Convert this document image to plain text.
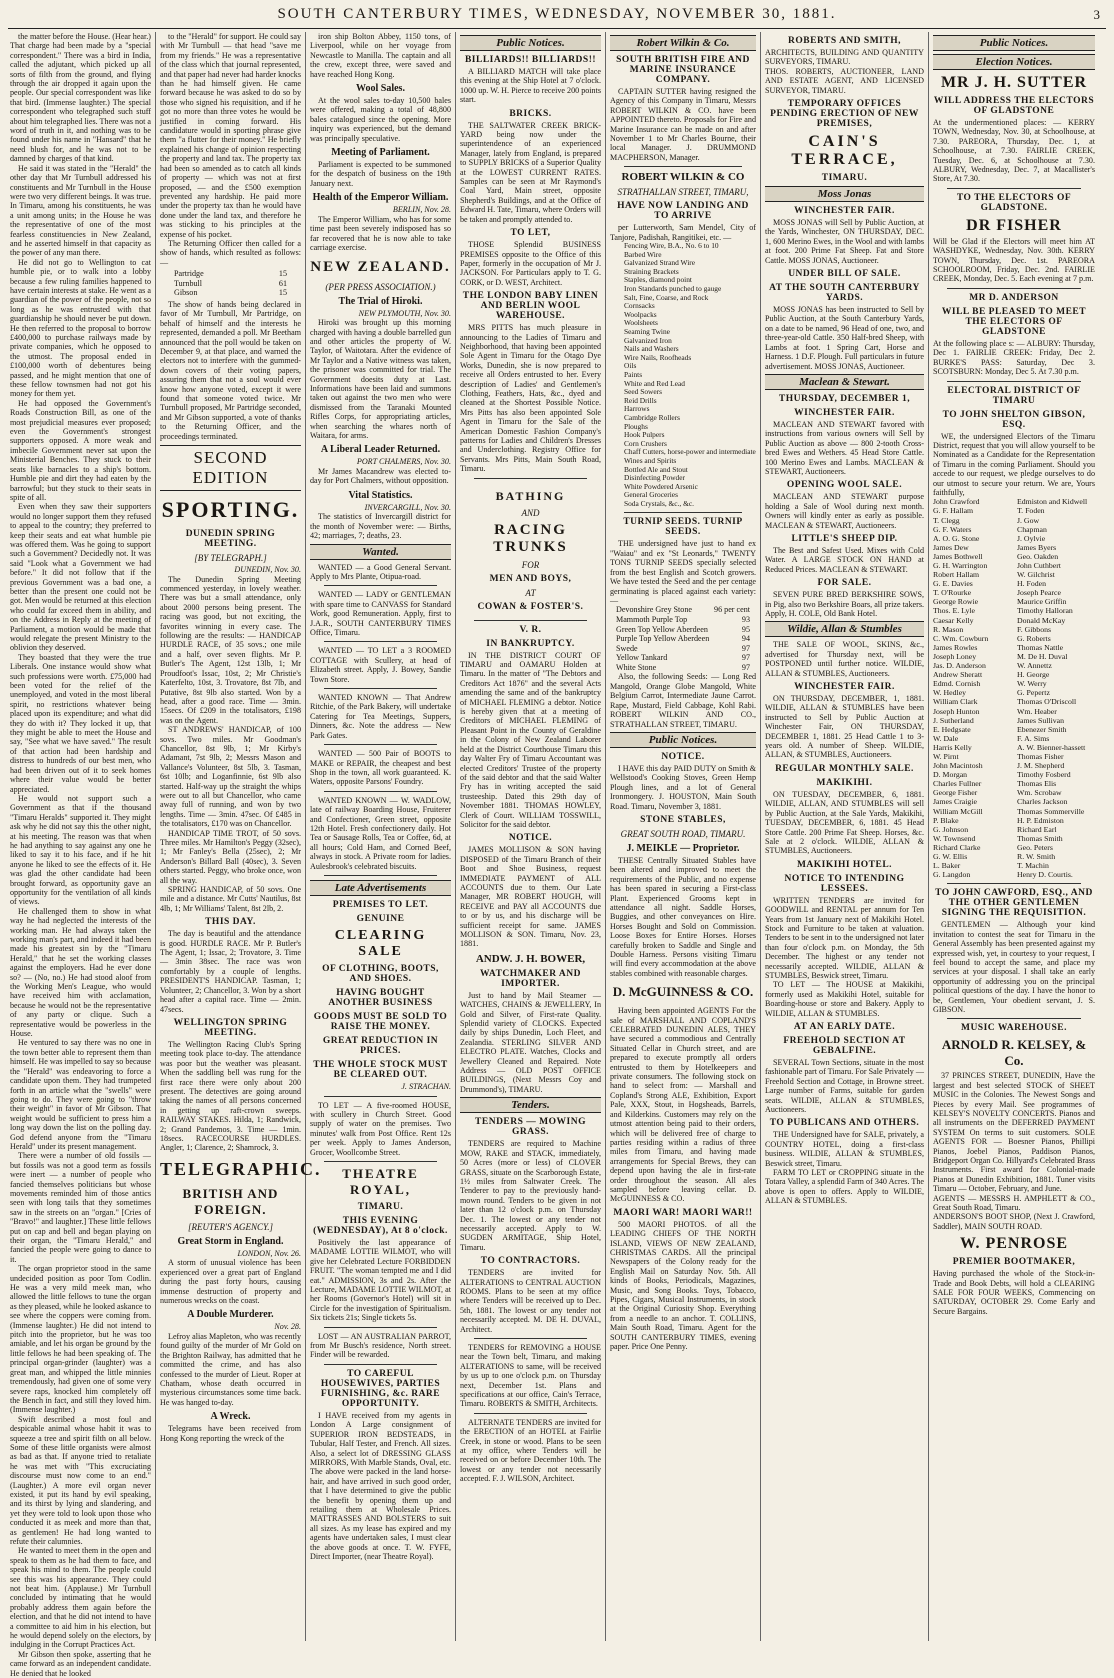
SOUTH CANTERBURY TIMES, WEDNESDAY, NOVEMBER 30, 1881.	3

the matter before the House. (Hear hear.) That charge had been made by a "special correspondent." There was a bird in India, called the adjutant, which picked up all sorts of filth from the ground, and flying through the air dropped it again upon the people. Our special correspondent was like that bird. (Immense laughter.) The special correspondent who telegraphed such stuff about him telegraphed lies. There was not a word of truth in it, and nothing was to be found under his name in "Hansard" that he need blush for, and he was not to be damned by charges of that kind.

He said it was stated in the "Herald" the other day that Mr Turnbull addressed his constituents and Mr Turnbull in the House were two very different beings. It was true. In Timaru, among his constituents, he was a unit among units; in the House he was the representative of one of the most fearless constituencies in New Zealand, and he asserted himself in that capacity as the power of any man there.

He did not go to Wellington to cat humble pie, or to walk into a lobby because a few ruling families happened to have certain interests at stake. He went as a guardian of the power of the people, not so long as he was entrusted with that guardianship he should never be put down. He then referred to the proposal to borrow £400,000 to purchase railways made by private companies, which he opposed to the utmost. The proposal ended in £100,000 worth of debentures being passed, and he might mention that one of these fellow townsmen had not got his money for them yet.

He had opposed the Government's Roads Construction Bill, as one of the most prejudicial measures ever proposed; even the Government's strongest supporters opposed. A more weak and imbecile Government never sat upon the Ministerial Benches. They stuck to their seats like barnacles to a ship's bottom. Humble pie and dirt they had eaten by the barrowful; but they stuck to their seats in spite of all.

Even when they saw their supporters would no longer support them they refused to appeal to the country; they preferred to keep their seats and eat what humble pie was offered them. Was he going to support such a Government? Decidedly not. It was said "Look what a Government we had before." It did not follow that if the previous Government was a bad one, a better than the present one could not be got. Men would be returned at this election who could far exceed them in ability, and on the Address in Reply at the meeting of Parliament, a motion would be made that would relegate the present Ministry to the oblivion they deserved.

They boasted that they were the true Liberals. One instance would show what such professions were worth. £75,000 had been voted for the relief of the unemployed, and voted in the most liberal spirit, no restrictions whatever being placed upon its expenditure; and what did they do with it? They locked it up, that they might be able to meet the House and say, "See what we have saved." The result of that action had been hardship and distress to hundreds of our best men, who had been driven out of it to seek homes where their value would be better appreciated.

He would not support such a Government as that if the thousand "Timaru Heralds" supported it. They might ask why he did not say this the other night, at his meeting. The reason was that when he had anything to say against any one he liked to say it to his face, and if he hit anyone he liked to see the effects of it. He was glad the other candidate had been brought forward, as opportunity gave an opportunity for the ventilation of all kinds of views.

He challenged them to show in what way he had neglected the interests of the working man. He had always taken the working man's part, and indeed it had been made his greatest sin by the "Timaru Herald," that he set the working classes against the employers. Had he ever done so? — (No, no.) He had stood aloof from the Working Men's League, who would have received him with acclamation, because he would not be the representative of any party or clique. Such a representative would be powerless in the House.

He ventured to say there was no one in the town better able to represent them than himself. He was impelled to say so because the "Herald" was endeavoring to force a candidate upon them. They had trumpeted forth in an article what the "swells" were going to do. They were going to "throw their weight" in favor of Mr Gibson. That weight would be sufficient to press him a long way down the list on the polling day. God defend anyone from the "Timaru Herald" under its present management.

There were a number of old fossils — but fossils was not a good term as fossils were inert — a number of people who fancied themselves politicians but whose movements reminded him of those antics seen with long tails that they sometimes saw in the streets on an "organ." [Cries of "Bravo!" and laughter.] These little fellows put on cap and bell and began playing on their organ, the "Timaru Herald," and fancied the people were going to dance to it.

The organ proprietor stood in the same undecided position as poor Tom Codlin. He was a very mild meek man, who allowed the little fellows to tune the organ as they pleased, while he looked askance to see where the coppers were coming from. (Immense laughter.) He did not intend to pitch into the proprietor, but he was too amiable, and let his organ be ground by the little fellows he had been speaking of. The principal organ-grinder (laughter) was a great man, and whipped the little minnies tremendously, had given one of some very severe raps, knocked him completely off the Bench in fact, and still they loved him. (Immense laughter.)

Swift described a most foul and despicable animal whose habit it was to squeeze a tree and spirit filth on all below. Some of these little organists were almost as bad as that. If anyone tried to retaliate he was met with "This excruciating discourse must now come to an end." (Laughter.) A more evil organ never existed, it put its hand by evil speaking, and its thirst by lying and slandering, and yet they were told to look upon those who conducted it as meek and more than that, as gentlemen! He had long wanted to refute their calumnies.

He wanted to meet them in the open and speak to them as he had them to face, and speak his mind to them. The people could see this was his appearance. They could not beat him. (Applause.) Mr Turnbull concluded by intimating that he would probably address them again before the election, and that he did not intend to have a committee to aid him in his election, but he would depend solely on the electors, by indulging in the Corrupt Practices Act.

Mr Gibson then spoke, asserting that he came forward as an independent candidate. He denied that he looked

to the "Herald" for support. He could say with Mr Turnbull — that head "save me from my friends." He was a representative of the class which that journal represented, and that paper had never had harder knocks than he had himself given. He came forward because he was asked to do so by those who signed his requisition, and if he got no more than three votes he would be justified in coming forward. His candidature would in sporting phrase give them "a flutter for their money." He briefly explained his change of opinion respecting the property and land tax. The property tax had been so amended as to catch all kinds of property — which was not at first proposed, — and the £500 exemption prevented any hardship. He paid more under the property tax than he would have done under the land tax, and therefore he was sticking to his principles at the expense of his pocket.

The Returning Officer then called for a show of hands, which resulted as follows: —

Partridge	15
Turnbull	61
Gibson	15

The show of hands being declared in favor of Mr Turnbull, Mr Partridge, on behalf of himself and the interests he represented, demanded a poll. Mr Beetham announced that the poll would be taken on December 9, at that place, and warned the electors not to interfere with the gummed-down covers of their voting papers, assuring them that not a soul would ever know how anyone voted, except it were found that someone voted twice. Mr Turnbull proposed, Mr Partridge seconded, and Mr Gibson supported, a vote of thanks to the Returning Officer, and the proceedings terminated.

SECOND EDITION
SPORTING.
DUNEDIN SPRING MEETING.
[BY TELEGRAPH.]
DUNEDIN, Nov. 30.

The Dunedin Spring Meeting commenced yesterday, in lovely weather. There was but a small attendance, only about 2000 persons being present. The racing was good, but not exciting, the favorites winning in every case. The following are the results: — HANDICAP HURDLE RACE, of 35 sovs.; one mile and a half, over seven flights. Mr P. Butler's The Agent, 12st 13lb, 1; Mr Proudfoot's Issac, 10st, 2; Mr Christie's Katerfelto, 10st, 3. Trovatore, 8st 7lb, and Putative, 8st 9lb also started. Won by a head, after a good race. Time — 3min. 15secs. Of £209 in the totalisators, £198 was on the Agent.

ST ANDREWS' HANDICAP, of 100 sovs. Two miles. Mr Goodman's Chancellor, 8st 9lb, 1; Mr Kirby's Adamant, 7st 9lb, 2; Messrs Mason and Vallance's Volunteer, 8st 5lb, 3. Tasman, 6st 10lb; and Loganfinnie, 6st 9lb also started. Half-way up the straight the whips were out to all but Chancellor, who came away full of running, and won by two lengths. Time — 3min. 47sec. Of £485 in the totalisators, £170 was on Chancellor.

HANDICAP TIME TROT, of 50 sovs. Three miles. Mr Hamilton's Peggy (32sec), 1; Mr Fanley's Bella (25sec), 2; Mr Anderson's Billard Ball (40sec), 3. Seven others started. Peggy, who broke once, won all the way.

SPRING HANDICAP, of 50 sovs. One mile and a distance. Mr Cutts' Nautilus, 8st 4lb, 1; Mr Williams' Talent, 8st 2lb, 2.

THIS DAY.

The day is beautiful and the attendance is good. HURDLE RACE. Mr P. Butler's The Agent, 1; Issac, 2; Trovatore, 3. Time — 3min 38sec. The race was won comfortably by a couple of lengths. PRESIDENT'S HANDICAP. Tasman, 1; Volunteer, 2; Chancellor, 3. Won by a short head after a capital race. Time — 2min. 47secs.

WELLINGTON SPRING MEETING.

The Wellington Racing Club's Spring meeting took place to-day. The attendance was poor but the weather was pleasant. When the saddling bell was rung for the first race there were only about 200 present. The detectives are going around taking the names of all persons concerned in getting up raft-crown sweeps. RAILWAY STAKES. Hilda, 1; Randwick, 2; Grand Pandemos, 3. Time — 1min. 18secs. RACECOURSE HURDLES. Angler, 1; Clarence, 2; Shamrock, 3.

TELEGRAPHIC.
BRITISH AND FOREIGN.
[REUTER'S AGENCY.]
Great Storm in England.
LONDON, Nov. 26.

A storm of unusual violence has been experienced over a great part of England during the past forty hours, causing immense destruction of property and numerous wrecks on the coast.

A Double Murderer.
Nov. 28.

Lefroy alias Mapleton, who was recently found guilty of the murder of Mr Gold on the Brighton Railway, has admitted that he committed the crime, and has also confessed to the murder of Lieut. Roper at Chatham, whose death occurred in mysterious circumstances some time back. He was hanged to-day.

A Wreck.

Telegrams have been received from Hong Kong reporting the wreck of the

iron ship Bolton Abbey, 1150 tons, of Liverpool, while on her voyage from Newcastle to Manilla. The captain and all the crew, except three, were saved and have reached Hong Kong.

Wool Sales.

At the wool sales to-day 10,500 bales were offered, making a total of 48,800 bales catalogued since the opening. More inquiry was experienced, but the demand was principally speculative.

Meeting of Parliament.

Parliament is expected to be summoned for the despatch of business on the 19th January next.

Health of the Emperor William.
BERLIN, Nov. 28.

The Emperor William, who has for some time past been severely indisposed has so far recovered that he is now able to take carriage exercise.

NEW ZEALAND.
(PER PRESS ASSOCIATION.)
The Trial of Hiroki.
NEW PLYMOUTH, Nov. 30.

Hiroki was brought up this morning charged with having a double barrelled gun and other articles the property of W. Taylor, of Waitotara. After the evidence of Mr Taylor and a Native witness was taken, the prisoner was committed for trial. The Government doesits duty at Last. Informations have been laid and summons taken out against the two men who were dismissed from the Taranaki Mounted Rifles Corps, for appropriating articles, when searching the whares north of Waitara, for arms.

A Liberal Leader Returned.
PORT CHALMERS, Nov. 30.

Mr James Macandrew was elected to-day for Port Chalmers, without opposition.

Vital Statistics.
INVERCARGILL, Nov. 30.

The statistics of Invercargill district for the month of November were: — Births, 42; marriages, 7; deaths, 23.

Wanted.

WANTED — a Good General Servant. Apply to Mrs Plante, Otipua-road.

WANTED — LADY or GENTLEMAN with spare time to CANVASS for Standard Work, good Remuneration. Apply, first to J.A.R., SOUTH CANTERBURY TIMES Office, Timaru.

WANTED — TO LET a 3 ROOMED COTTAGE with Scullery, at head of Elizabeth street. Apply, J. Bowey, Sandie Town Store.

WANTED KNOWN — That Andrew Ritchie, of the Park Bakery, will undertake Catering for Tea Meetings, Suppers, Dinners, &c. Note the address — New Park Gates.

WANTED — 500 Pair of BOOTS to MAKE or REPAIR, the cheapest and best Shop in the town, all work guaranteed. K. Waters, opposite Parsons' Foundry.

WANTED KNOWN — W. WADLOW, late of railway Boarding House, Fruiterer and Confectioner, Green street, opposite 12th Hotel. Fresh confectionery daily. Hot Tea or Sausage Rolls, Tea or Coffee, 6d, at all hours; Cold Ham, and Corned Beef, always in stock. A Private room for ladies. Aulesbrook's celebrated biscuits.

Late Advertisements
PREMISES TO LET.
GENUINE
CLEARING SALE
OF CLOTHING, BOOTS, AND SHOES.
HAVING BOUGHT ANOTHER BUSINESS
GOODS MUST BE SOLD TO RAISE THE MONEY.
GREAT REDUCTION IN PRICES.
THE WHOLE STOCK MUST BE CLEARED OUT.
J. STRACHAN.

TO LET — A five-roomed HOUSE, with scullery in Church Street. Good supply of water on the premises. Two minutes' walk from Post Office. Rent 12s per week. Apply to James Anderson, Grocer, Woollcombe Street.

THEATRE ROYAL,
TIMARU.
THIS EVENING (WEDNESDAY), At 8 o'clock.

Positively the last appearance of MADAME LOTTIE WILMOT, who will give her Celebrated Lecture FORBIDDEN FRUIT. "The woman tempted me and I did eat." ADMISSION, 3s and 2s. After the Lecture, MADAME LOTTIE WILMOT, at her Rooms (Governor's Hotel) will sit in Circle for the investigation of Spiritualism. Six tickets 21s; Single tickets 5s.

LOST — AN AUSTRALIAN PARROT, from Mr Busch's residence, North street. Finder will be rewarded.

TO CAREFUL HOUSEWIVES, PARTIES FURNISHING, &c. RARE OPPORTUNITY.

I HAVE received from my agents in London A Large consignment of SUPERIOR IRON BEDSTEADS, in Tubular, Half Tester, and French. All sizes. Also, a select lot of DRESSING GLASS MIRRORS, With Marble Stands, Oval, etc. The above were packed in the land horse-hair, and have arrived in such good order, that I have determined to give the public the benefit by opening them up and retailing them at Wholesale Prices. MATTRASSES AND BOLSTERS to suit all sizes. As my lease has expired and my agents have undertaken sales, I must clear the above goods at once. T. W. FYFE, Direct Importer, (near Theatre Royal).

Public Notices.
BILLIARDS!! BILLIARDS!!

A BILLIARD MATCH will take place this evening at the Ship Hotel at 7 o'clock. 1000 up. W. H. Pierce to receive 200 points start.

BRICKS.

THE SALTWATER CREEK BRICK-YARD being now under the superintendence of an experienced Manager, lately from England, is prepared to SUPPLY BRICKS of a Superior Quality at the LOWEST CURRENT RATES. Samples can be seen at Mr Raymond's Coal Yard, Main street, opposite Shepherd's Buildings, and at the Office of Edward H. Tate, Timaru, where Orders will be taken and promptly attended to.

TO LET,

THOSE Splendid BUSINESS PREMISES opposite to the Office of this Paper, formerly in the occupation of Mr J. JACKSON. For Particulars apply to T. G. CORK, or D. WEST, Architect.

THE LONDON BABY LINEN AND BERLIN WOOL WAREHOUSE.

MRS PITTS has much pleasure in announcing to the Ladies of Timaru and Neighborhood, that having been appointed Sole Agent in Timaru for the Otago Dye Works, Dunedin, she is now prepared to receive all Orders entrusted to her. Every description of Ladies' and Gentlemen's Clothing, Feathers, Hats, &c., dyed and cleaned at the Shortest Possible Notice. Mrs Pitts has also been appointed Sole Agent in Timaru for the Sale of the American Domestic Fashion Company's patterns for Ladies and Children's Dresses and Underclothing. Registry Office for Servants. Mrs Pitts, Main South Road, Timaru.

BATHING
AND
RACING TRUNKS
FOR
MEN AND BOYS,
AT
COWAN & FOSTER'S.
V. R.
IN BANKRUPTCY.

IN THE DISTRICT COURT OF TIMARU and OAMARU Holden at Timaru. In the matter of "The Debtors and Creditors Act 1876" and the several Acts amending the same and of the bankruptcy of MICHAEL FLEMING a debtor. Notice is hereby given that at a meeting of Creditors of MICHAEL FLEMING of Pleasant Point in the County of Geraldine in the Colony of New Zealand Laborer held at the District Courthouse Timaru this day Walter Fry of Timaru Accountant was elected Creditors' Trustee of the property of the said debtor and that the said Walter Fry has in writing accepted the said trusteeship. Dated this 29th day of November 1881. THOMAS HOWLEY, Clerk of Court. WILLIAM TOSSWILL, Solicitor for the said debtor.

NOTICE.

JAMES MOLLISON & SON having DISPOSED of the Timaru Branch of their Boot and Shoe Business, request IMMEDIATE PAYMENT of ALL ACCOUNTS due to them. Our Late Manager, MR ROBERT HOUGH, will RECEIVE and PAY all ACCOUNTS due to or by us, and his discharge will be sufficient receipt for same. JAMES MOLLISON & SON. Timaru, Nov. 23, 1881.

ANDW. J. H. BOWER,
WATCHMAKER AND IMPORTER.

Just to hand by Mail Steamer — WATCHES, CHAINS & JEWELLERY, In Gold and Silver, of First-rate Quality. Splendid variety of CLOCKS. Expected daily by ships Dunedin, Loch Fleet, and Zealandia. STERLING SILVER AND ELECTRO PLATE. Watches, Clocks and Jewellery Cleaned and Repaired. Note Address — OLD POST OFFICE BUILDINGS, (Next Messrs Coy and Drummond's), TIMARU.

Tenders.
TENDERS — MOWING GRASS.

TENDERS are required to Machine MOW, RAKE and STACK, immediately, 50 Acres (more or less) of CLOVER GRASS, situate on the Scarborough Estate, 1½ miles from Saltwater Creek. The Tenderer to pay to the previously hand-mown round. Tenders to be given in not later than 12 o'clock p.m. on Thursday Dec. 1. The lowest or any tender not necessarily accepted. Apply to W. SUGDEN ARMITAGE, Ship Hotel, Timaru.

TO CONTRACTORS.

TENDERS are invited for ALTERATIONS to CENTRAL AUCTION ROOMS. Plans to be seen at my office where Tenders will be received up to Dec. 5th, 1881. The lowest or any tender not necessarily accepted. M. DE H. DUVAL, Architect.

TENDERS for REMOVING a HOUSE near the Town belt, Timaru, and making ALTERATIONS to same, will be received by us up to one o'clock p.m. on Thursday next, December 1st. Plans and specifications at our office, Cain's Terrace, Timaru. ROBERTS & SMITH, Architects.

ALTERNATE TENDERS are invited for the ERECTION of an HOTEL at Fairlie Creek, in stone or wood. Plans to be seen at my office, where Tenders will be received on or before December 10th. The lowest or any tender not necessarily accepted. F. J. WILSON, Architect.

Robert Wilkin & Co.
SOUTH BRITISH FIRE AND MARINE INSURANCE COMPANY.

CAPTAIN SUTTER having resigned the Agency of this Company in Timaru, Messrs ROBERT WILKIN & CO. have been APPOINTED thereto. Proposals for Fire and Marine Insurance can be made on and after November 1 to Mr Charles Bourne, their local Manager. J. DRUMMOND MACPHERSON, Manager.

ROBERT WILKIN & CO
STRATHALLAN STREET, TIMARU,
HAVE NOW LANDING AND TO ARRIVE

per Lutterworth, Sam Mendel, City of Tanjore, Padishah, Rangitikei, etc. —

Fencing Wire, B.A., No. 6 to 10
Barbed Wire
Galvanized Strand Wire
Straining Brackets
Staples, diamond point
Iron Standards punched to gauge
Salt, Fine, Coarse, and Rock
Cornsacks
Woolpacks
Woolsheets
Seaming Twine
Galvanized Iron
Nails and Washers
Wire Nails, Roofheads
Oils
Paints
White and Red Lead
Seed Sowers
Reid Drills
Harrows
Cambridge Rollers
Ploughs
Hook Pulpers
Corn Crushers
Chaff Cutters, horse-power and intermediate
Wines and Spirits
Bottled Ale and Stout
Disinfecting Powder
White Powdered Arsenic
General Groceries
Soda Crystals, &c., &c.
TURNIP SEEDS. TURNIP SEEDS.

THE undersigned have just to hand ex "Waiau" and ex "St Leonards," TWENTY TONS TURNIP SEEDS specially selected from the best English and Scotch growers. We have tested the Seed and the per centage germinating is placed against each variety: —

Devonshire Grey Stone	96 per cent
Mammoth Purple Top	93
Green Top Yellow Aberdeen	95
Purple Top Yellow Aberdeen	94
Swede	97
Yellow Tankard	97
White Stone	97

Also, the following Seeds: — Long Red Mangold, Orange Globe Mangold, White Belgium Carrot, Intermediate Jaune Carrot. Rape, Mustard, Field Cabbage, Kohl Rabi. ROBERT WILKIN AND CO., STRATHALLAN STREET, TIMARU.

Public Notices.
NOTICE.

I HAVE this day PAID DUTY on Smith & Wellstood's Cooking Stoves, Green Hemp Plough lines, and a lot of General Ironmongery. J. HOUSTON, Main South Road. Timaru, November 3, 1881.

STONE STABLES,
GREAT SOUTH ROAD, TIMARU.
J. MEIKLE — Proprietor.

THESE Centrally Situated Stables have been altered and improved to meet the requirements of the Public, and no expense has been spared in securing a First-class Plant. Experienced Grooms kept in attendance all night. Saddle Horses, Buggies, and other conveyances on Hire. Horses Bought and Sold on Commission. Loose Boxes for Entire Horses. Horses carefully broken to Saddle and Single and Double Harness. Persons visiting Timaru will find every accommodation at the above stables combined with reasonable charges.

D. McGUINNESS & CO.

Having been appointed AGENTS For the sale of MARSHALL AND COPLAND'S CELEBRATED DUNEDIN ALES, THEY have secured a commodious and Centrally Situated Cellar in Church street, and are prepared to execute promptly all orders entrusted to them by Hotelkeepers and private consumers. The following stock on hand to select from: — Marshall and Copland's Strong ALE, Exhibition, Export Pale, XXX, Stout, in Hogsheads, Barrels, and Kilderkins. Customers may rely on the utmost attention being paid to their orders, which will be delivered free of charge to parties residing within a radius of three miles from Timaru, and having made arrangements for Special Brews, they can depend upon having the ale in first-rate order throughout the season. All ales sampled before leaving cellar. D. McGUINNESS & CO.

MAORI WAR! MAORI WAR!!

500 MAORI PHOTOS. of all the LEADING CHIEFS OF THE NORTH ISLAND, VIEWS OF NEW ZEALAND, CHRISTMAS CARDS. All the principal Newspapers of the Colony ready for the English Mail on Saturday Nov. 5th. All kinds of Books, Periodicals, Magazines, Music, and Song Books. Toys, Tobacco, Pipes, Cigars, Musical Instruments, in stock at the Original Curiosity Shop. Everything from a needle to an anchor. T. COLLINS, Main South Road, Timaru. Agent for the SOUTH CANTERBURY TIMES, evening paper. Price One Penny.

ROBERTS AND SMITH,

ARCHITECTS, BUILDING AND QUANTITY SURVEYORS, TIMARU.

THOS. ROBERTS, AUCTIONEER, LAND AND ESTATE AGENT, AND LICENSED SURVEYOR, TIMARU.

TEMPORARY OFFICES PENDING ERECTION OF NEW PREMISES,
CAIN'S TERRACE,
TIMARU.
Moss Jonas
WINCHESTER FAIR.

MOSS JONAS will Sell by Public Auction, at the Yards, Winchester, ON THURSDAY, DEC. 1, 600 Merino Ewes, in the Wool and with lambs at foot. 200 Prime Fat Sheep. Fat and Store Cattle. MOSS JONAS, Auctioneer.

UNDER BILL OF SALE.
AT THE SOUTH CANTERBURY YARDS.

MOSS JONAS has been instructed to Sell by Public Auction, at the South Canterbury Yards, on a date to be named, 96 Head of one, two, and three-year-old Cattle. 350 Half-bred Sheep, with Lambs at foot. 1 Spring Cart, Horse and Harness. 1 D.F. Plough. Full particulars in future advertisement. MOSS JONAS, Auctioneer.

Maclean & Stewart.
THURSDAY, DECEMBER 1,
WINCHESTER FAIR.

MACLEAN AND STEWART favored with instructions from various owners will Sell by Public Auction as above — 800 2-tooth Cross-bred Ewes and Wethers. 45 Head Store Cattle. 100 Merino Ewes and Lambs. MACLEAN & STEWART, Auctioneers.

OPENING WOOL SALE.

MACLEAN AND STEWART purpose holding a Sale of Wool during next month. Owners will kindly enter as early as possible. MACLEAN & STEWART, Auctioneers.

LITTLE'S SHEEP DIP.

The Best and Safest Used. Mixes with Cold Water. A LARGE STOCK ON HAND at Reduced Prices. MACLEAN & STEWART.

FOR SALE.

SEVEN PURE BRED BERKSHIRE SOWS, in Pig, also two Berkshire Boars, all prize takers. Apply, H. COLE, Old Bank Hotel.

Wildie, Allan & Stumbles

THE SALE OF WOOL, SKINS, &c., advertised for Thursday next, will be POSTPONED until further notice. WILDIE, ALLAN & STUMBLES, Auctioneers.

WINCHESTER FAIR.

ON THURSDAY, DECEMBER, 1, 1881. WILDIE, ALLAN & STUMBLES have been instructed to Sell by Public Auction at Winchester Fair, ON THURSDAY, DECEMBER 1, 1881. 25 Head Cattle 1 to 3-years old. A number of Sheep. WILDIE, ALLAN, & STUMBLES, Auctioneers.

REGULAR MONTHLY SALE.
MAKIKIHI.

ON TUESDAY, DECEMBER, 6, 1881. WILDIE, ALLAN, AND STUMBLES will sell by Public Auction, at the Sale Yards, Makikihi, TUESDAY, DECEMBER, 6, 1881. 45 Head Store Cattle. 200 Prime Fat Sheep. Horses, &c. Sale at 2 o'clock. WILDIE, ALLAN & STUMBLES, Auctioneers.

MAKIKIHI HOTEL.
NOTICE TO INTENDING LESSEES.

WRITTEN TENDERS are invited for GOODWILL and RENTAL per annum for Ten Years from 1st January next of Makikihi Hotel. Stock and Furniture to be taken at valuation. Tenders to be sent in to the undersigned not later than four o'clock p.m. on Monday, the 5th December. The highest or any tender not necessarily accepted. WILDIE, ALLAN & STUMBLES, Beswick street, Timaru.

TO LET — The HOUSE at Makikihi, formerly used as Makikihi Hotel, suitable for Boarding-house or store and Bakery. Apply to WILDIE, ALLAN & STUMBLES.

AT AN EARLY DATE.
FREEHOLD SECTION AT GEBALFINE.

SEVERAL Town Sections, situate in the most fashionable part of Timaru. For Sale Privately — Freehold Section and Cottage, in Browne street. Large number of Farms, suitable for garden seats. WILDIE, ALLAN & STUMBLES, Auctioneers.

TO PUBLICANS AND OTHERS.

THE Undersigned have for SALE, privately, a COUNTRY HOTEL, doing a first-class business. WILDIE, ALLAN & STUMBLES, Beswick street, Timaru.

FARM TO LET or CROPPING situate in the Totara Valley, a splendid Farm of 340 Acres. The above is open to offers. Apply to WILDIE, ALLAN & STUMBLES.

Public Notices.
Election Notices.
MR J. H. SUTTER
WILL ADDRESS THE ELECTORS OF GLADSTONE

At the undermentioned places: — KERRY TOWN, Wednesday, Nov. 30, at Schoolhouse, at 7.30. PAREORA, Thursday, Dec. 1, at Schoolhouse, at 7.30. FAIRLIE CREEK, Tuesday, Dec. 6, at Schoolhouse at 7.30. ALBURY, Wednesday, Dec. 7, at Macallister's Store, At 7.30.

TO THE ELECTORS OF GLADSTONE.
DR FISHER

Will be Glad if the Electors will meet him AT WASHDYKE, Wednesday, Nov. 30th. KERRY TOWN, Thursday, Dec. 1st. PAREORA SCHOOLROOM, Friday, Dec. 2nd. FAIRLIE CREEK, Monday, Dec. 5. Each evening at 7 p.m.

MR D. ANDERSON
WILL BE PLEASED TO MEET THE ELECTORS OF GLADSTONE

At the following place s: — ALBURY: Thursday, Dec 1. FAIRLIE CREEK: Friday, Dec 2. BURKE'S PASS: Saturday, Dec 3. SCOTSBURN: Monday, Dec 5. At 7.30 p.m.

ELECTORAL DISTRICT OF TIMARU
TO JOHN SHELTON GIBSON, ESQ.

WE, the undersigned Electors of the Timaru District, request that you will allow yourself to be Nominated as a Candidate for the Representation of Timaru in the coming Parliament. Should you accede to our request, we pledge ourselves to do our utmost to secure your return. We are, Yours faithfully,

John Crawford	Edmiston and Kidwell
G. F. Hallam	T. Foden
T. Clegg	J. Gow
G. F. Waters	Chapman
A. O. G. Stone	J. Oylvie
James Dew	James Byers
James Bothwell	Geo. Oakden
G. H. Warrington	John Cuthbert
Robert Hallam	W. Gilchrist
G. E. Davies	H. Foden
T. O'Rourke	Joseph Pearce
George Rowie	Maurice Griffin
Thos. E. Lyle	Timothy Halloran
Caesar Kelly	Donald McKay
R. Mason	F. Gibbons
C. Wm. Cowburn	G. Roberts
James Rowles	Thomas Nattle
Joseph Loney	M. De H. Duval
Jas. D. Anderson	W. Annettz
Andrew Sheratt	H. George
Edmd. Cornish	W. Werry
W. Hedley	G. Pepertz
William Clark	Thomas O'Driscoll
Joseph Hunton	Wm. Heaber
J. Sutherland	James Sullivan
E. Hedgsate	Ebenezer Smith
W. Dale	F. A. Sims
Harris Kelly	A. W. Bienner-hassett
W. Pirnt	Thomas Fisher
John Macintosh	J. M. Shepherd
D. Morgan	Timothy Fosberd
Charles Fullner	Thomas Elis
George Fisher	Wm. Scrobaw
James Craigie	Charles Jackson
William McGill	Thomas Sommerville
P. Blake	H. P. Edmiston
G. Johnson	Richard Earl
W. Townsend	Thomas Smith
Richard Clarke	Geo. Peters
G. W. Ellis	R. W. Smith
L. Baker	T. Machin
G. Langdon	Henry D. Courtis.
TO JOHN CAWFORD, ESQ., AND THE OTHER GENTLEMEN SIGNING THE REQUISITION.

GENTLEMEN — Although your kind invitation to contest the seat for Timaru in the General Assembly has been presented against my expressed wish, yet, in courtesy to your request, I feel bound to accept the same, and place my services at your disposal. I shall take an early opportunity of addressing you on the principal political questions of the day. I have the honor to be, Gentlemen, Your obedient servant, J. S. GIBSON.

MUSIC WAREHOUSE.
ARNOLD R. KELSEY, & Co.

37 PRINCES STREET, DUNEDIN, Have the largest and best selected STOCK of SHEET MUSIC in the Colonies. The Newest Songs and Pieces by every Mail. See programmes of KELSEY'S NOVELTY CONCERTS. Pianos and all instruments on the DEFERRED PAYMENT SYSTEM On terms to suit customers. SOLE AGENTS FOR — Boesner Pianos, Phillipi Pianos, Joebel Pianos, Paddison Pianos, Bridgeport Organ Co. Hillyard's Celebrated Brass Instruments. First award for Colonial-made Pianos at Dunedin Exhibition, 1881. Tuner visits Timaru — October, February, and June.

AGENTS — MESSRS H. AMPHLETT & CO., Great South Road, Timaru.

ANDERSON'S BOOT SHOP, (Next J. Crawford, Saddler), MAIN SOUTH ROAD.

W. PENROSE
PREMIER BOOTMAKER,

Having purchased the whole of the Stock-in-Trade and Book Debts, will hold a CLEARING SALE FOR FOUR WEEKS, Commencing on SATURDAY, OCTOBER 29. Come Early and Secure Bargains.
